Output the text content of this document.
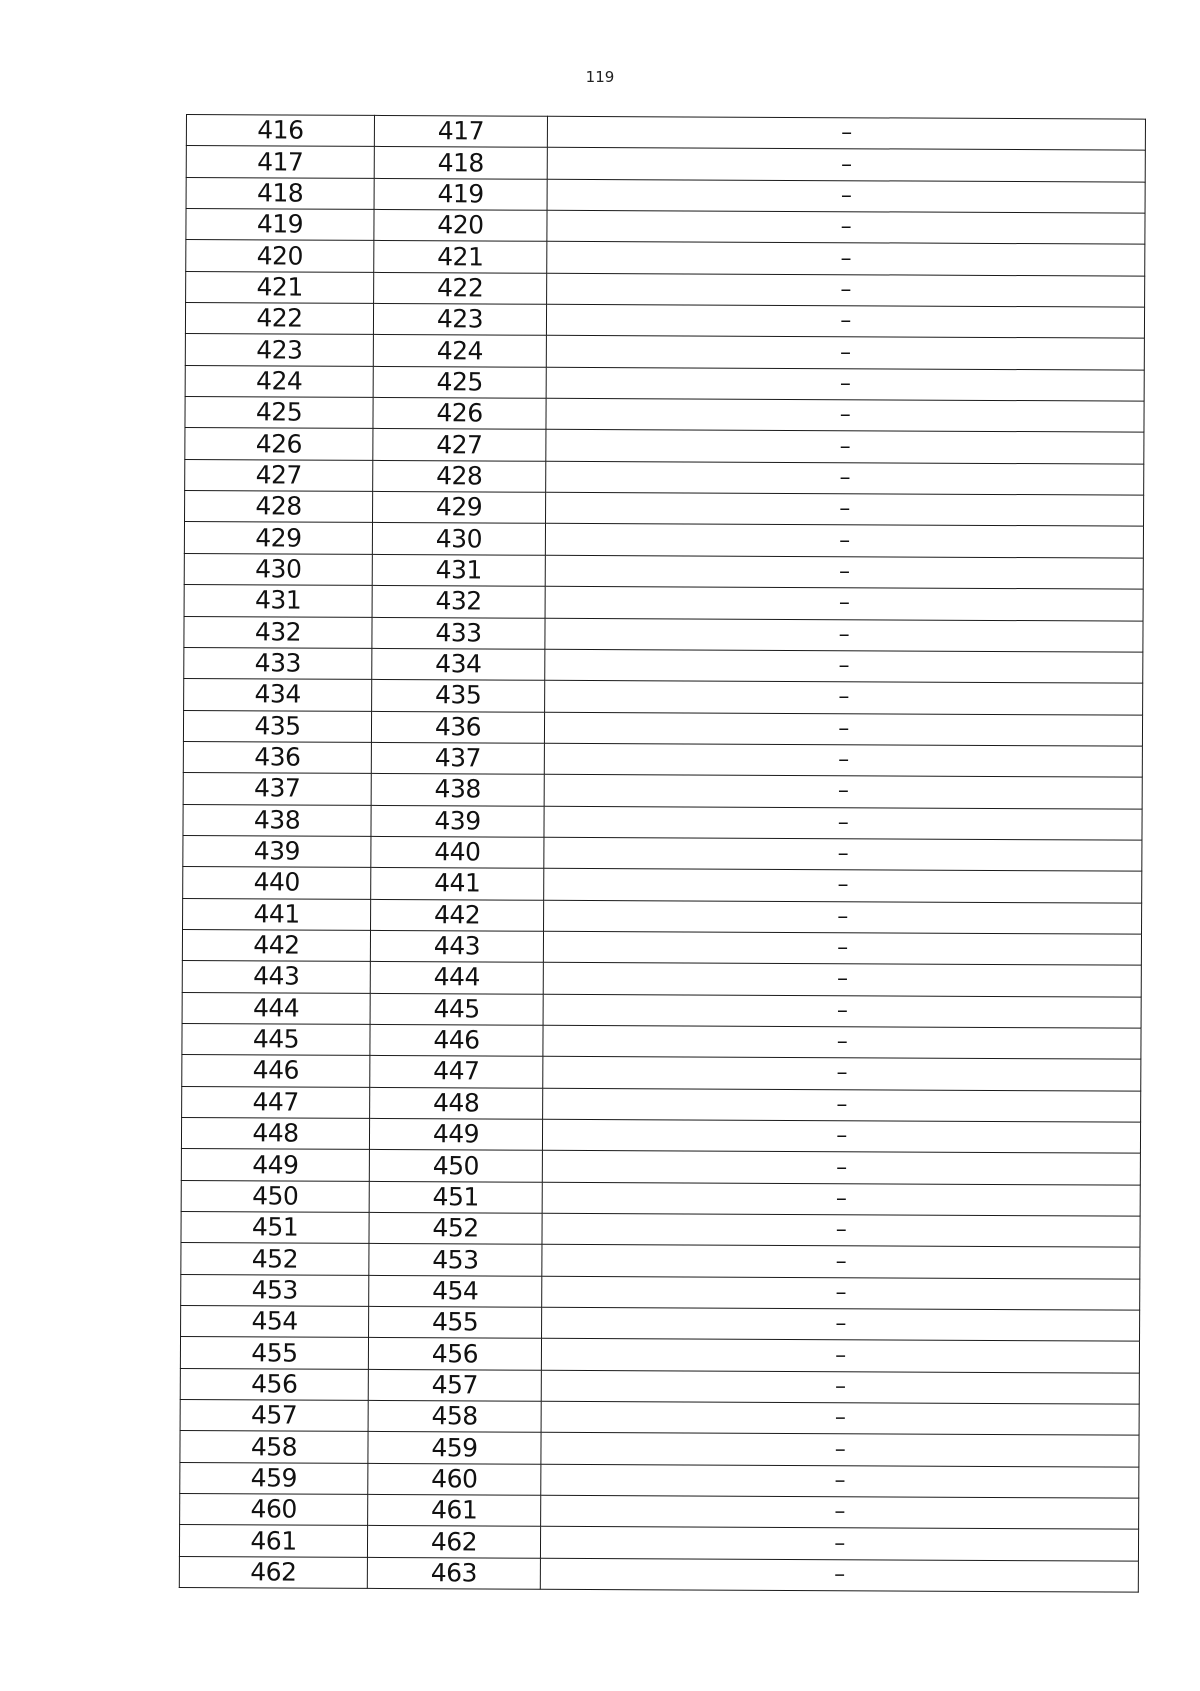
119
416	417	–
417	418	–
418	419	–
419	420	–
420	421	–
421	422	–
422	423	–
423	424	–
424	425	–
425	426	–
426	427	–
427	428	–
428	429	–
429	430	–
430	431	–
431	432	–
432	433	–
433	434	–
434	435	–
435	436	–
436	437	–
437	438	–
438	439	–
439	440	–
440	441	–
441	442	–
442	443	–
443	444	–
444	445	–
445	446	–
446	447	–
447	448	–
448	449	–
449	450	–
450	451	–
451	452	–
452	453	–
453	454	–
454	455	–
455	456	–
456	457	–
457	458	–
458	459	–
459	460	–
460	461	–
461	462	–
462	463	–
